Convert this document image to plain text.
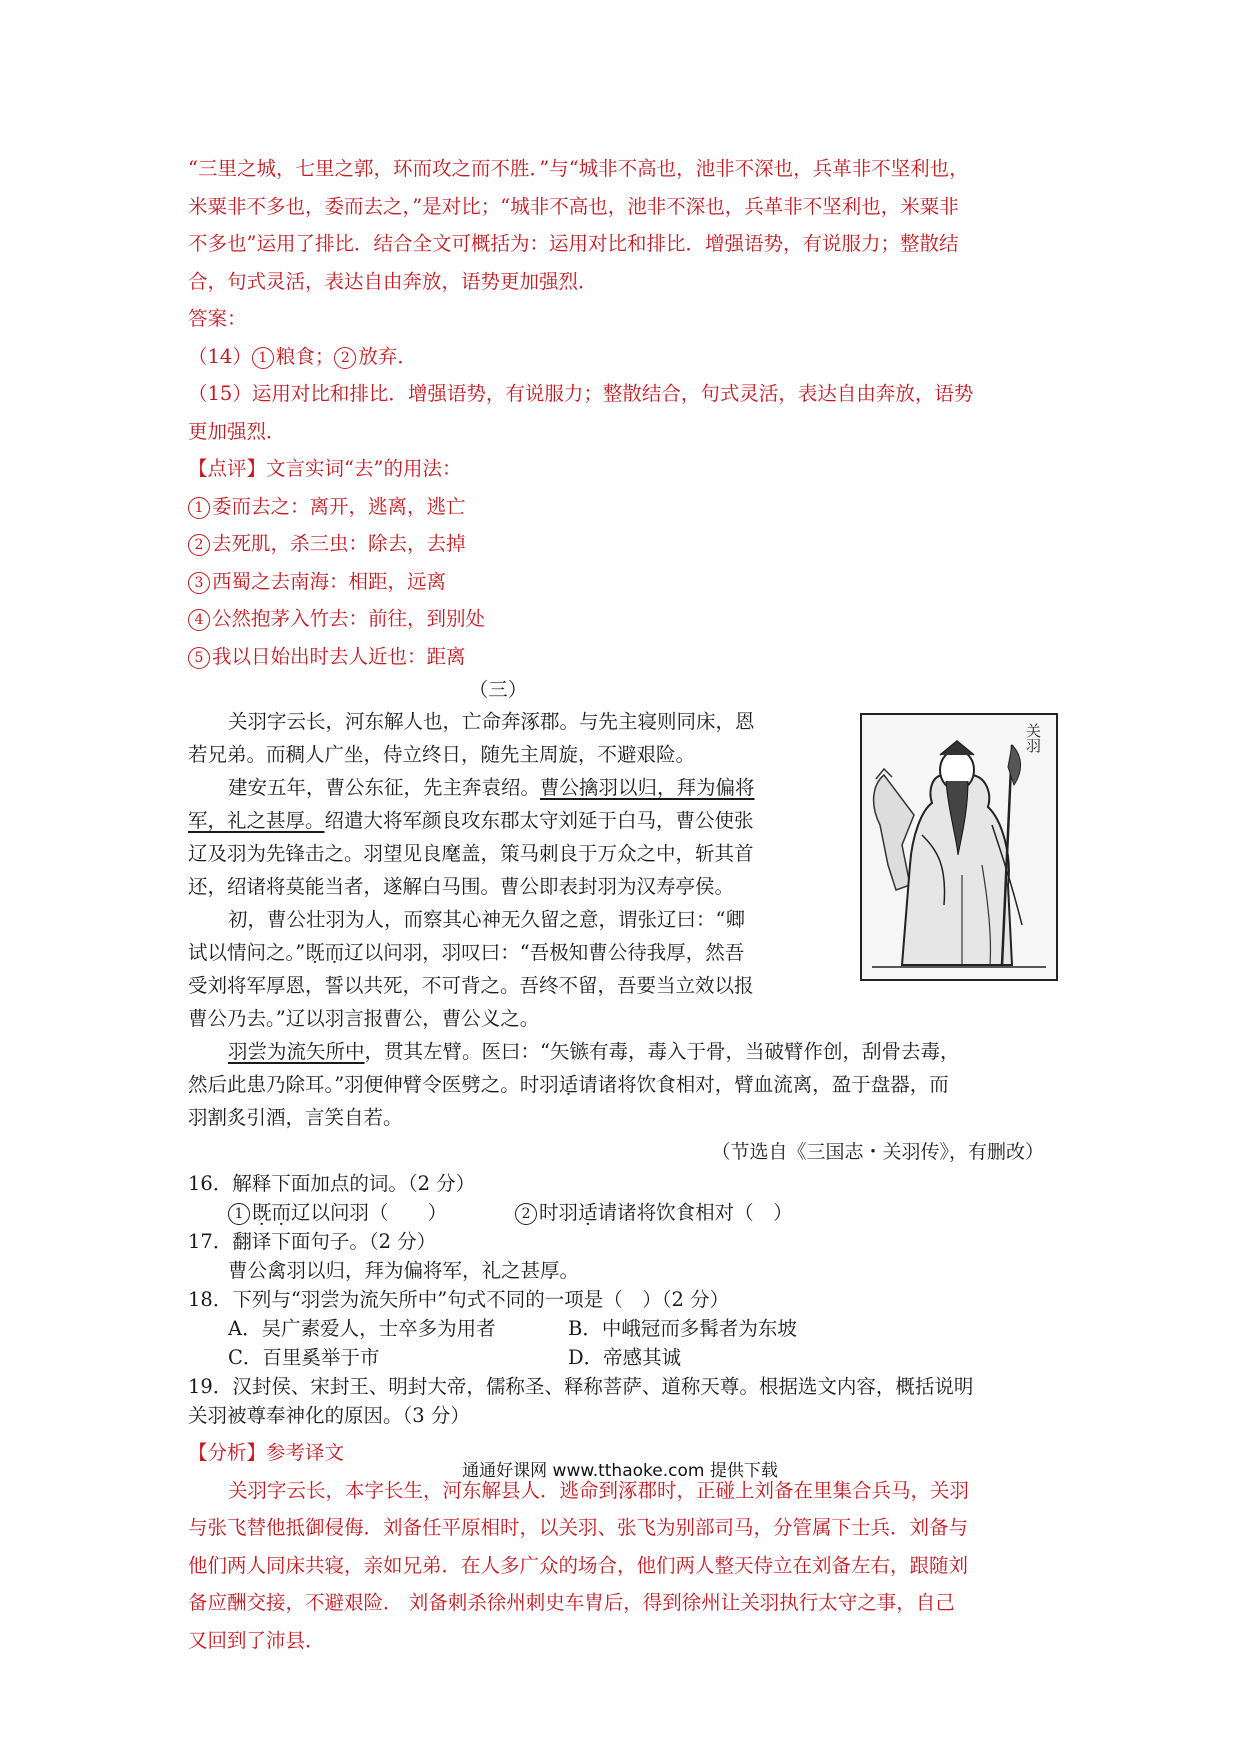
“三里之城，七里之郭，环而攻之而不胜．”与“城非不高也，池非不深也，兵革非不坚利也，

米粟非不多也，委而去之，”是对比；“城非不高也，池非不深也，兵革非不坚利也，米粟非

不多也”运用了排比．结合全文可概括为：运用对比和排比．增强语势，有说服力；整散结

合，句式灵活，表达自由奔放，语势更加强烈．

答案：

（14） 1 粮食； 2 放弃．

（15）运用对比和排比．增强语势，有说服力；整散结合，句式灵活，表达自由奔放，语势

更加强烈．

【点评】文言实词“去”的用法：

1 委而去之：离开，逃离，逃亡

2 去死肌，杀三虫：除去，去掉

3 西蜀之去南海：相距，远离

4 公然抱茅入竹去：前往，到别处

5 我以日始出时去人近也：距离

（三）

关羽

关羽字云长，河东解人也，亡命奔涿郡。与先主寝则同床，恩

若兄弟。而稠人广坐，侍立终日，随先主周旋，不避艰险。

建安五年，曹公东征，先主奔袁绍。曹公擒羽以归，拜为偏将

军，礼之甚厚。绍遣大将军颜良攻东郡太守刘延于白马，曹公使张

辽及羽为先锋击之。羽望见良麾盖，策马刺良于万众之中，斩其首

还，绍诸将莫能当者，遂解白马围。曹公即表封羽为汉寿亭侯。

初，曹公壮羽为人，而察其心神无久留之意，谓张辽曰：“卿

试以情问之。”既而辽以问羽，羽叹曰：“吾极知曹公待我厚，然吾

受刘将军厚恩，誓以共死，不可背之。吾终不留，吾要当立效以报

曹公乃去。”辽以羽言报曹公，曹公义之。

羽尝为流矢所中，贯其左臂。医曰：“矢镞有毒，毒入于骨，当破臂作创，刮骨去毒，

然后此患乃除耳。”羽便伸臂令医劈之。时羽适请诸将饮食相对，臂血流离，盈于盘器，而

羽割炙引酒，言笑自若。

（节选自《三国志・关羽传》，有删改）

16．解释下面加点的词。（2 分）

1 既而辽以问羽（　　）	2 时羽适请诸将饮食相对（　）

17．翻译下面句子。（2 分）

曹公禽羽以归，拜为偏将军，礼之甚厚。

18．下列与“羽尝为流矢所中”句式不同的一项是（　）（2 分）

A．吴广素爱人，士卒多为用者	B．中峨冠而多髯者为东坡
C．百里奚举于市	D．帝感其诚

19．汉封侯、宋封王、明封大帝，儒称圣、释称菩萨、道称天尊。根据选文内容，概括说明

关羽被尊奉神化的原因。（3 分）

【分析】参考译文

关羽字云长，本字长生，河东解县人．逃命到涿郡时，正碰上刘备在里集合兵马，关羽

与张飞替他抵御侵侮．刘备任平原相时，以关羽、张飞为别部司马，分管属下士兵．刘备与

他们两人同床共寝，亲如兄弟．在人多广众的场合，他们两人整天侍立在刘备左右，跟随刘

备应酬交接，不避艰险． 刘备刺杀徐州刺史车胄后，得到徐州让关羽执行太守之事，自己

又回到了沛县．

通通好课网 www.tthaoke.com 提供下载
